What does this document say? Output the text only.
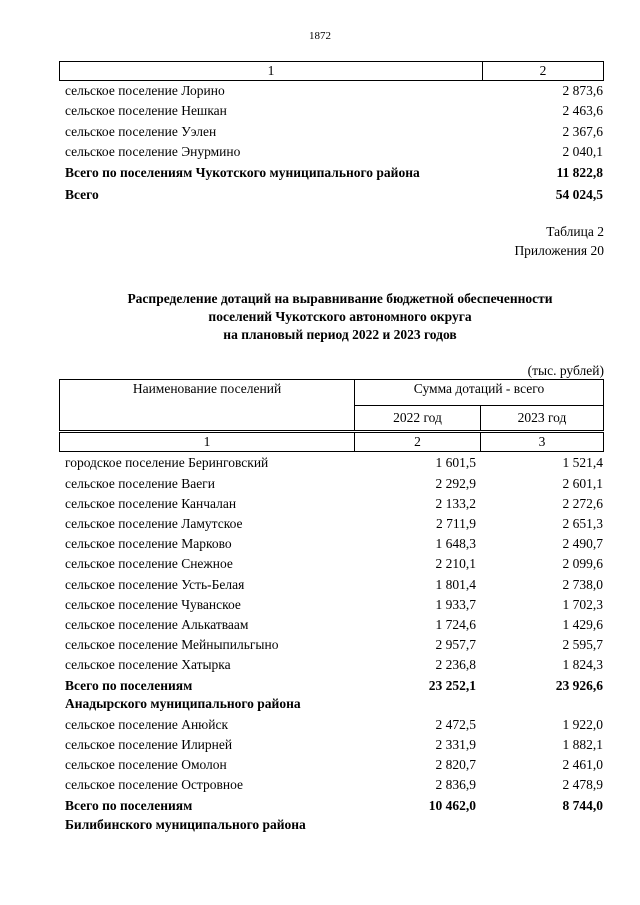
1872
1	2
сельское поселение Лорино	2 873,6
сельское поселение Нешкан	2 463,6
сельское поселение Уэлен	2 367,6
сельское поселение Энурмино	2 040,1
Всего по поселениям Чукотского муниципального района	11 822,8
Всего	54 024,5
Таблица 2
Приложения 20
Распределение дотаций на выравнивание бюджетной обеспеченности
поселений Чукотского автономного округа
на плановый период 2022 и 2023 годов
(тыс. рублей)
Наименование поселений	Сумма дотаций - всего
2022 год	2023 год
1	2	3
городское поселение Беринговский	1 601,5	1 521,4
сельское поселение Ваеги	2 292,9	2 601,1
сельское поселение Канчалан	2 133,2	2 272,6
сельское поселение Ламутское	2 711,9	2 651,3
сельское поселение Марково	1 648,3	2 490,7
сельское поселение Снежное	2 210,1	2 099,6
сельское поселение Усть-Белая	1 801,4	2 738,0
сельское поселение Чуванское	1 933,7	1 702,3
сельское поселение Алькатваам	1 724,6	1 429,6
сельское поселение Мейныпильгыно	2 957,7	2 595,7
сельское поселение Хатырка	2 236,8	1 824,3
Всего по поселениям	23 252,1	23 926,6
Анадырского муниципального района
сельское поселение Анюйск	2 472,5	1 922,0
сельское поселение Илирней	2 331,9	1 882,1
сельское поселение Омолон	2 820,7	2 461,0
сельское поселение Островное	2 836,9	2 478,9
Всего по поселениям	10 462,0	8 744,0
Билибинского муниципального района
